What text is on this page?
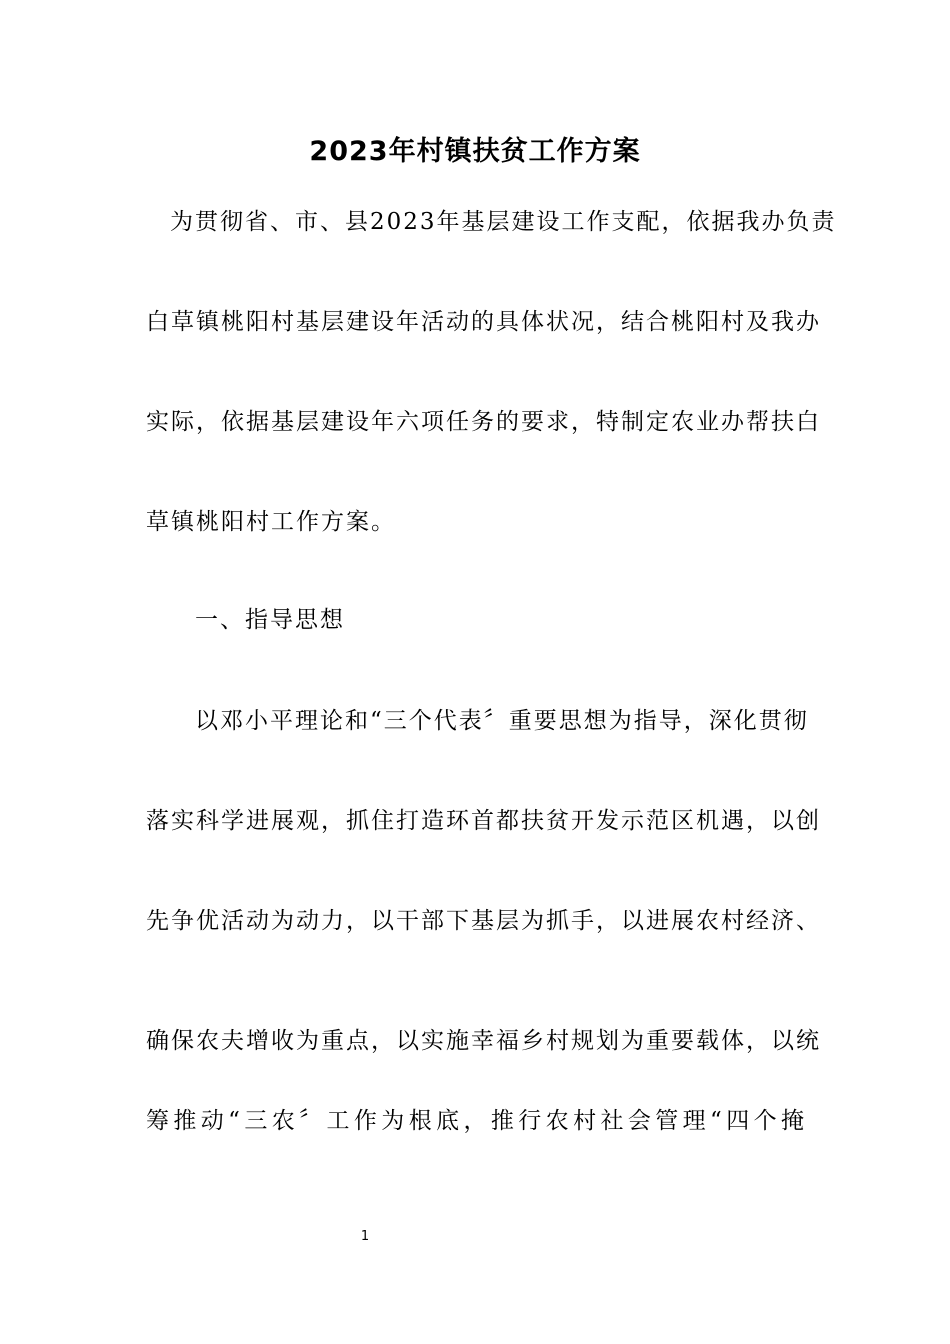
2023年村镇扶贫工作方案
为贯彻省、市、县2023年基层建设工作支配，依据我办负责
白草镇桃阳村基层建设年活动的具体状况，结合桃阳村及我办
实际，依据基层建设年六项任务的要求，特制定农业办帮扶白
草镇桃阳村工作方案。
一、指导思想
以邓小平理论和“三个代表〞重要思想为指导，深化贯彻
落实科学进展观，抓住打造环首都扶贫开发示范区机遇，以创
先争优活动为动力，以干部下基层为抓手，以进展农村经济、
确保农夫增收为重点，以实施幸福乡村规划为重要载体，以统
筹推动“三农〞工作为根底，推行农村社会管理“四个掩
1
